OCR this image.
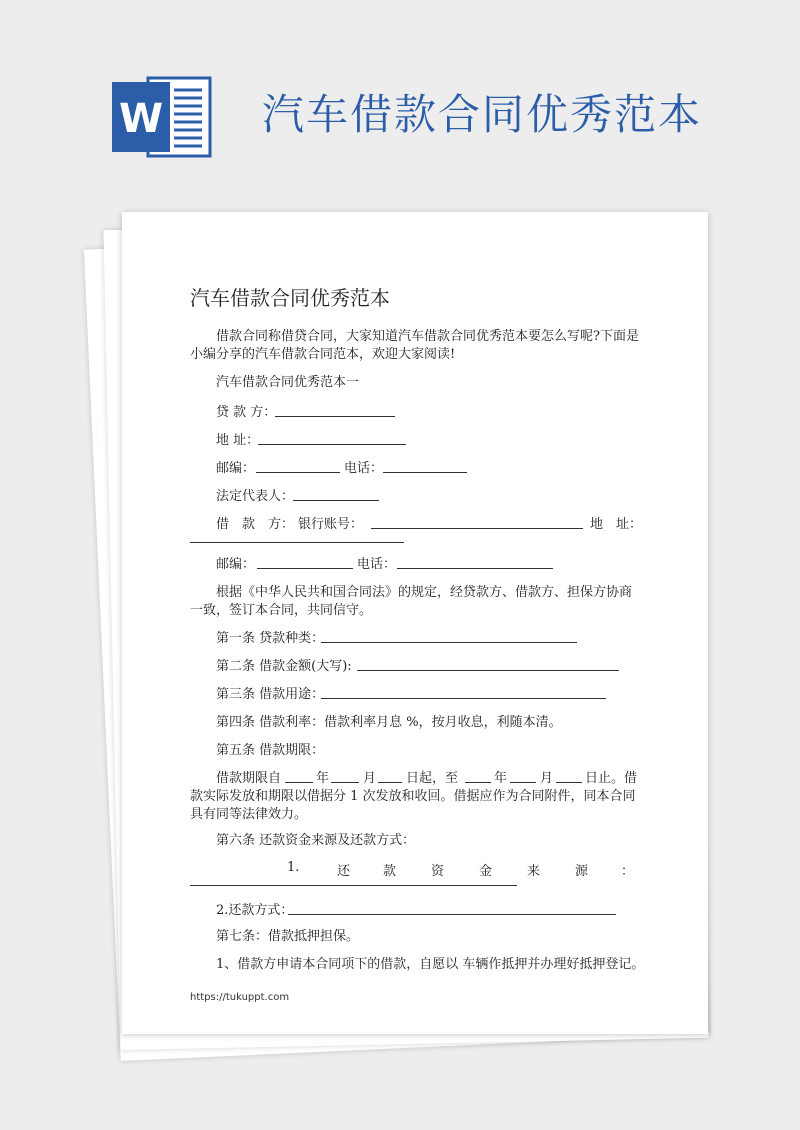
W 汽车借款合同优秀范本
汽车借款合同优秀范本
借款合同称借贷合同，大家知道汽车借款合同优秀范本要怎么写呢?下面是
小编分享的汽车借款合同范本，欢迎大家阅读!
汽车借款合同优秀范本一
贷 款 方：
地 址：
邮编：	电话：
法定代表人：
借　款　方： 银行账号：	地　址：
邮编：	电话：
根据《中华人民共和国合同法》的规定，经贷款方、借款方、担保方协商
一致，签订本合同，共同信守。
第一条 贷款种类：
第二条 借款金额(大写):
第三条 借款用途：
第四条 借款利率：借款利率月息 %，按月收息，利随本清。
第五条 借款期限：
借款期限自	年	月 日起，至	年	月 日止。借
款实际发放和期限以借据分 1 次发放和收回。借据应作为合同附件，同本合同
具有同等法律效力。
第六条 还款资金来源及还款方式：
1.	还	款	资	金	来	源	：
2.还款方式：
第七条：借款抵押担保。
1、借款方申请本合同项下的借款，自愿以 车辆作抵押并办理好抵押登记。
https://tukuppt.com
